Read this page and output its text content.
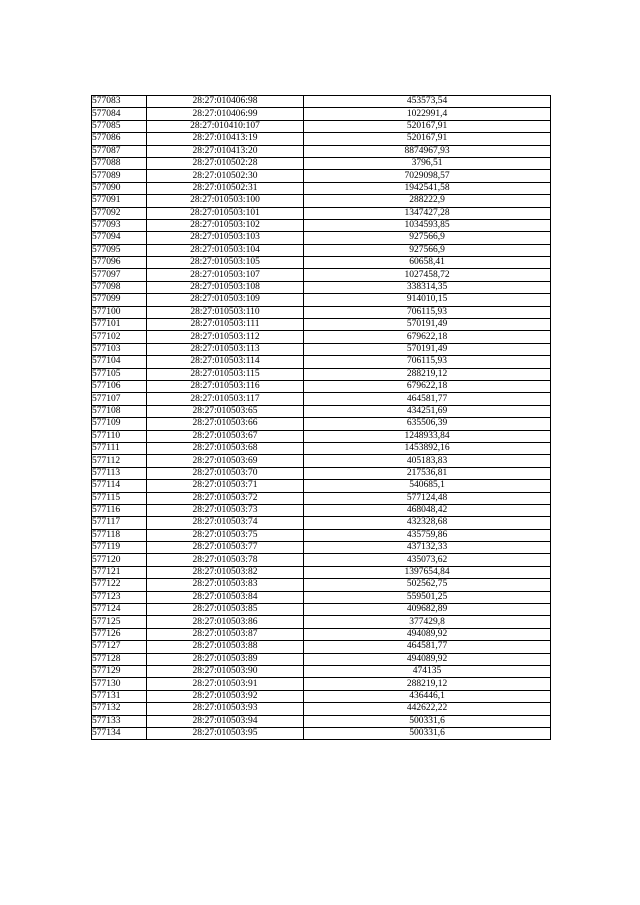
577083	28:27:010406:98	453573,54
577084	28:27:010406:99	1022991,4
577085	28:27:010410:107	520167,91
577086	28:27:010413:19	520167,91
577087	28:27:010413:20	8874967,93
577088	28:27:010502:28	3796,51
577089	28:27:010502:30	7029098,57
577090	28:27:010502:31	1942541,58
577091	28:27:010503:100	288222,9
577092	28:27:010503:101	1347427,28
577093	28:27:010503:102	1034593,85
577094	28:27:010503:103	927566,9
577095	28:27:010503:104	927566,9
577096	28:27:010503:105	60658,41
577097	28:27:010503:107	1027458,72
577098	28:27:010503:108	338314,35
577099	28:27:010503:109	914010,15
577100	28:27:010503:110	706115,93
577101	28:27:010503:111	570191,49
577102	28:27:010503:112	679622,18
577103	28:27:010503:113	570191,49
577104	28:27:010503:114	706115,93
577105	28:27:010503:115	288219,12
577106	28:27:010503:116	679622,18
577107	28:27:010503:117	464581,77
577108	28:27:010503:65	434251,69
577109	28:27:010503:66	635506,39
577110	28:27:010503:67	1248933,84
577111	28:27:010503:68	1453892,16
577112	28:27:010503:69	405183,83
577113	28:27:010503:70	217536,81
577114	28:27:010503:71	540685,1
577115	28:27:010503:72	577124,48
577116	28:27:010503:73	468048,42
577117	28:27:010503:74	432328,68
577118	28:27:010503:75	435759,86
577119	28:27:010503:77	437132,33
577120	28:27:010503:78	435073,62
577121	28:27:010503:82	1397654,84
577122	28:27:010503:83	502562,75
577123	28:27:010503:84	559501,25
577124	28:27:010503:85	409682,89
577125	28:27:010503:86	377429,8
577126	28:27:010503:87	494089,92
577127	28:27:010503:88	464581,77
577128	28:27:010503:89	494089,92
577129	28:27:010503:90	474135
577130	28:27:010503:91	288219,12
577131	28:27:010503:92	436446,1
577132	28:27:010503:93	442622,22
577133	28:27:010503:94	500331,6
577134	28:27:010503:95	500331,6
